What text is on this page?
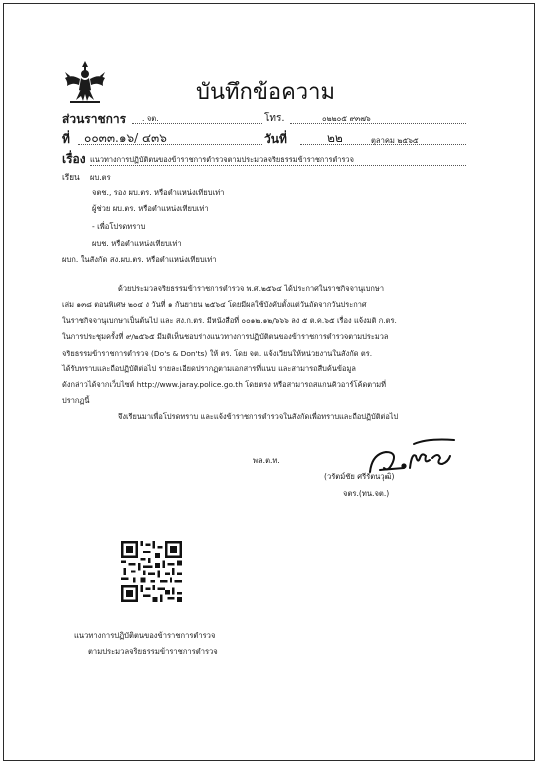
บันทึกข้อความ
ส่วนราชการ . จต.	โทร.	๐๒๒๐๕ ๙๓๗๖
ที่ ๐๐๓๓.๑๖/ ๔๓๖	วันที่	๒๒	ตุลาคม ๒๕๖๕
เรื่อง แนวทางการปฏิบัติตนของข้าราชการตำรวจตามประมวลจริยธรรมข้าราชการตำรวจ
เรียน ผบ.ตร
จตช., รอง ผบ.ตร. หรือตำแหน่งเทียบเท่า
ผู้ช่วย ผบ.ตร. หรือตำแหน่งเทียบเท่า
- เพื่อโปรดทราบ
ผบช. หรือตำแหน่งเทียบเท่า
ผบก. ในสังกัด สง.ผบ.ตร. หรือตำแหน่งเทียบเท่า
ด้วยประมวลจริยธรรมข้าราชการตำรวจ พ.ศ.๒๕๖๔ ได้ประกาศในราชกิจจานุเบกษา
เล่ม ๑๓๘ ตอนพิเศษ ๒๐๔ ง วันที่ ๑ กันยายน ๒๕๖๔ โดยมีผลใช้บังคับตั้งแต่วันถัดจากวันประกาศ
ในราชกิจจานุเบกษาเป็นต้นไป และ สง.ก.ตร. มีหนังสือที่ ๐๐๑๒.๑๒/๖๖๖ ลง ๕ ต.ค.๖๕ เรื่อง แจ้งมติ ก.ตร.
ในการประชุมครั้งที่ ๙/๒๕๖๕ มีมติเห็นชอบร่างแนวทางการปฏิบัติตนของข้าราชการตำรวจตามประมวล
จริยธรรมข้าราชการตำรวจ (Do's & Don'ts) ให้ ตร. โดย จต. แจ้งเวียนให้หน่วยงานในสังกัด ตร.
ได้รับทราบและถือปฏิบัติต่อไป รายละเอียดปรากฏตามเอกสารที่แนบ และสามารถสืบค้นข้อมูล
ดังกล่าวได้จากเว็บไซต์ http://www.jaray.police.go.th โดยตรง หรือสามารถสแกนคิวอาร์โค้ดตามที่
ปรากฏนี้
จึงเรียนมาเพื่อโปรดทราบ และแจ้งข้าราชการตำรวจในสังกัดเพื่อทราบและถือปฏิบัติต่อไป
พล.ต.ท.
(วรัตม์ชัย ศรีรัตนวุฒิ)
จตร.(ทน.จต.)
แนวทางการปฏิบัติตนของข้าราชการตำรวจ
ตามประมวลจริยธรรมข้าราชการตำรวจ
